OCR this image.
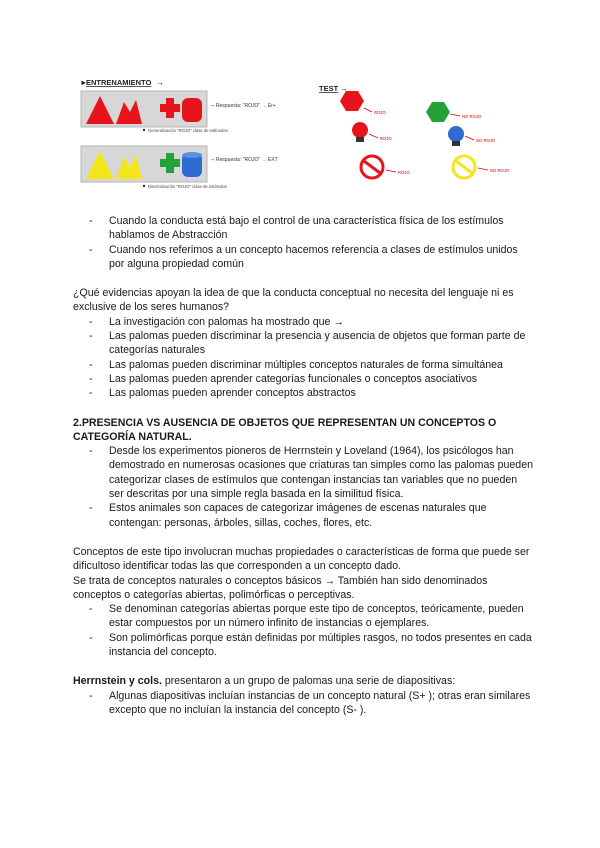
►
ENTRENAMIENTO →
TEST →
→ Respuesta: "ROJO" → Er+
Generalización "ROJO" clase de estímulos
→ Respuesta: "ROJO" → EXT
Discriminación "ROJO" clase de estímulos
ROJO
ROJO
ROJO
NO ROJO
NO ROJO
NO ROJO
- Cuando la conducta está bajo el control de una característica física de los estímulos hablamos de Abstracción
- Cuando nos referimos a un concepto hacemos referencia a clases de estímulos unidos por alguna propiedad común

¿Qué evidencias apoyan la idea de que la conducta conceptual no necesita del lenguaje ni es exclusive de los seres humanos?

- La investigación con palomas ha mostrado que →
- Las palomas pueden discriminar la presencia y ausencia de objetos que forman parte de categorías naturales
- Las palomas pueden discriminar múltiples conceptos naturales de forma simultánea
- Las palomas pueden aprender categorías funcionales o conceptos asociativos
- Las palomas pueden aprender conceptos abstractos
2.PRESENCIA VS AUSENCIA DE OBJETOS QUE REPRESENTAN UN CONCEPTOS O CATEGORÍA NATURAL.
- Desde los experimentos pioneros de Herrnstein y Loveland (1964), los psicólogos han demostrado en numerosas ocasiones que criaturas tan simples como las palomas pueden categorizar clases de estímulos que contengan instancias tan variables que no pueden ser descritas por una simple regla basada en la similitud física.
- Estos animales son capaces de categorizar imágenes de escenas naturales que contengan: personas, árboles, sillas, coches, flores, etc.

Conceptos de este tipo involucran muchas propiedades o características de forma que puede ser dificultoso identificar todas las que corresponden a un concepto dado.

Se trata de conceptos naturales o conceptos básicos → También han sido denominados conceptos o categorías abiertas, polimórficas o perceptivas.

- Se denominan categorías abiertas porque este tipo de conceptos, teóricamente, pueden estar compuestos por un número infinito de instancias o ejemplares.
- Son polimórficas porque están definidas por múltiples rasgos, no todos presentes en cada instancia del concepto.

Herrnstein y cols. presentaron a un grupo de palomas una serie de diapositivas:

- Algunas diapositivas incluían instancias de un concepto natural (S+ ); otras eran similares excepto que no incluían la instancia del concepto (S- ).
